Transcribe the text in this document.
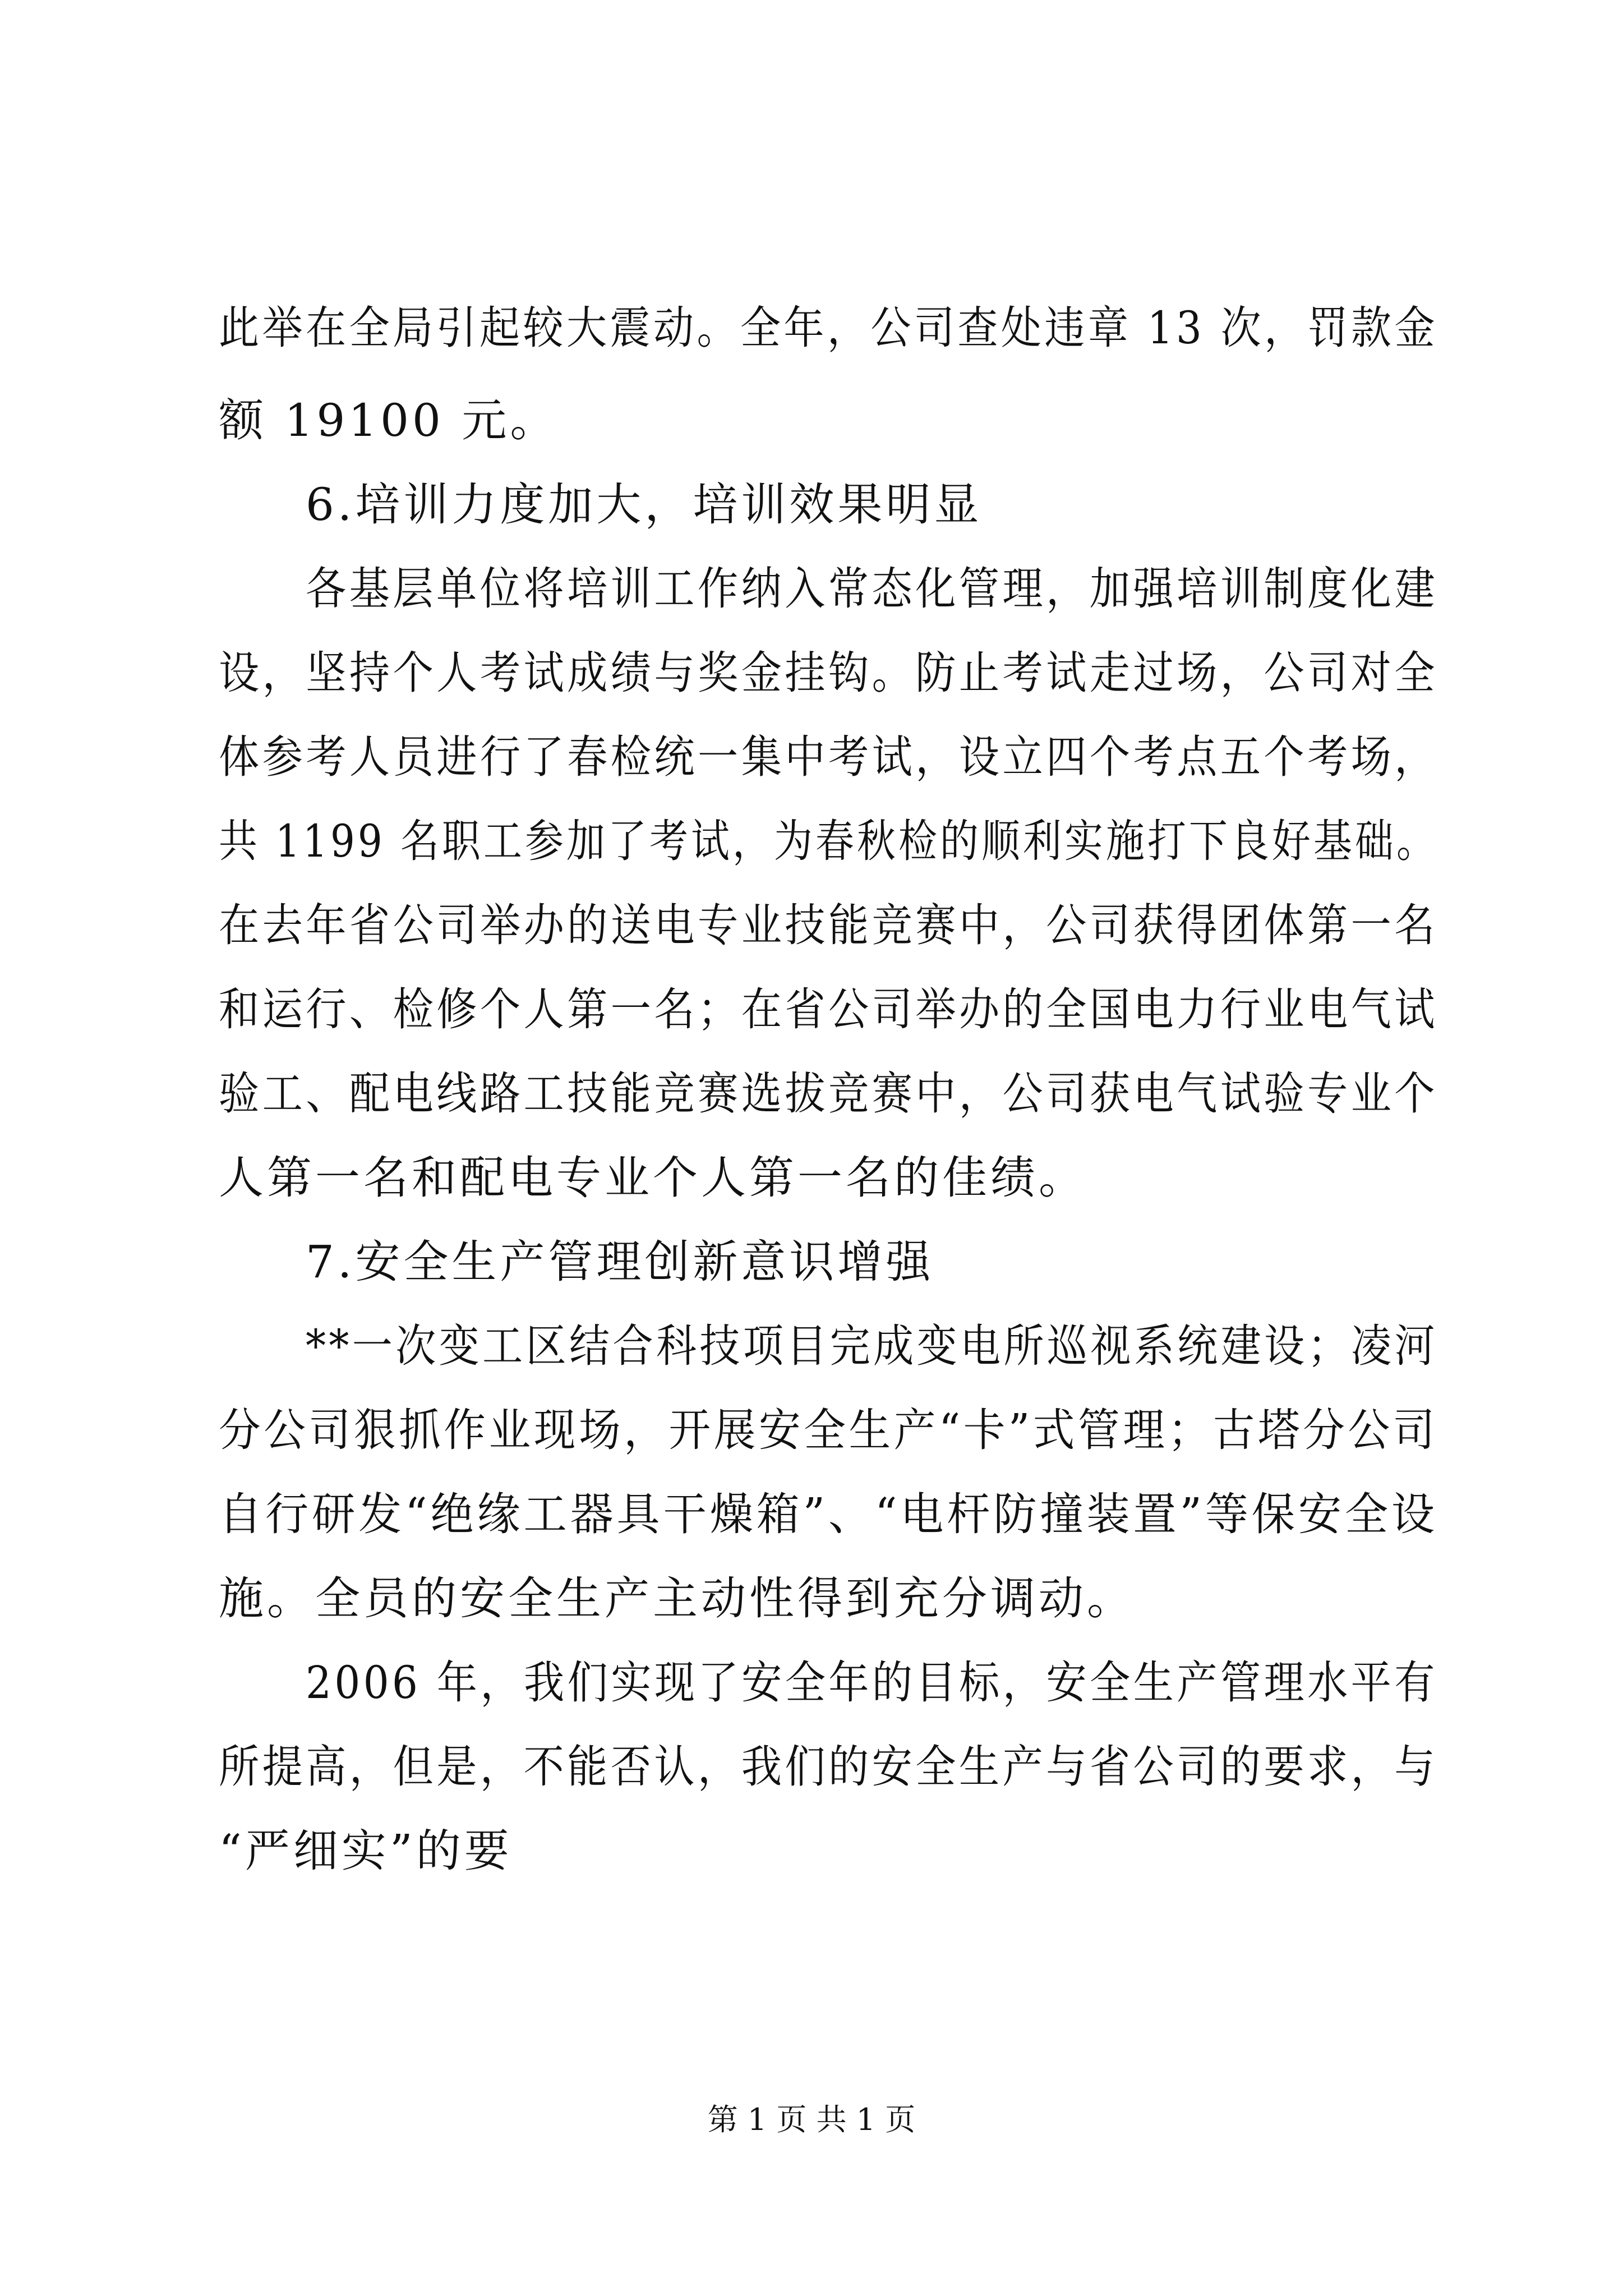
此举在全局引起较大震动。全年，公司查处违章 13 次，罚款金
额 19100 元。
6.培训力度加大，培训效果明显
各基层单位将培训工作纳入常态化管理，加强培训制度化建
设，坚持个人考试成绩与奖金挂钩。防止考试走过场，公司对全
体参考人员进行了春检统一集中考试，设立四个考点五个考场，
共 1199 名职工参加了考试，为春秋检的顺利实施打下良好基础。
在去年省公司举办的送电专业技能竞赛中，公司获得团体第一名
和运行、检修个人第一名；在省公司举办的全国电力行业电气试
验工、配电线路工技能竞赛选拔竞赛中，公司获电气试验专业个
人第一名和配电专业个人第一名的佳绩。
7.安全生产管理创新意识增强
**一次变工区结合科技项目完成变电所巡视系统建设；凌河
分公司狠抓作业现场，开展安全生产“卡”式管理；古塔分公司
自行研发“绝缘工器具干燥箱”、“电杆防撞装置”等保安全设
施。全员的安全生产主动性得到充分调动。
2006 年，我们实现了安全年的目标，安全生产管理水平有
所提高，但是，不能否认，我们的安全生产与省公司的要求，与
“严细实”的要
第 1 页 共 1 页
